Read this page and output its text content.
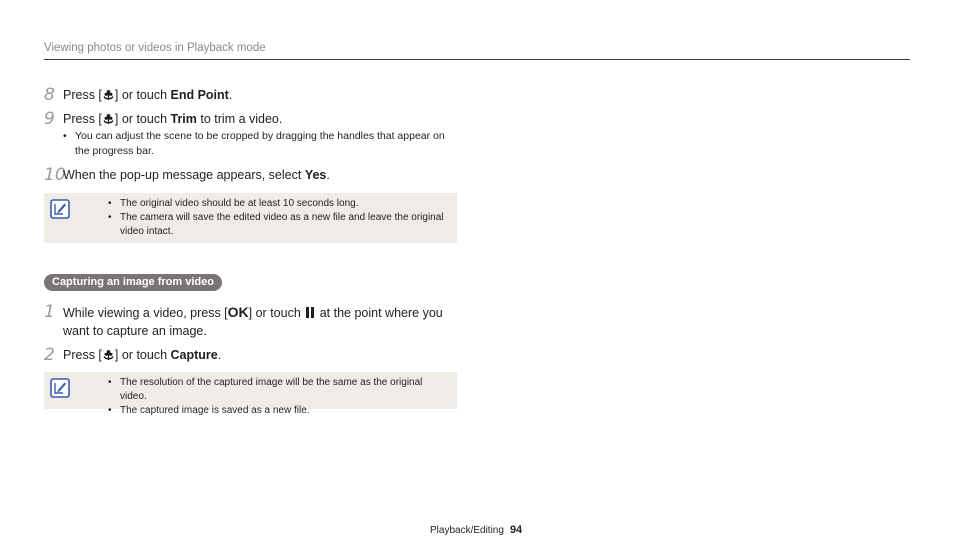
Viewing photos or videos in Playback mode
8 Press [ ] or touch End Point.
9 Press [ ] or touch Trim to trim a video.
• You can adjust the scene to be cropped by dragging the handles that appear on the progress bar.
10
When the pop-up message appears, select Yes.
• The original video should be at least 10 seconds long.
• The camera will save the edited video as a new file and leave the original video intact.
Capturing an image from video
1 While viewing a video, press [OK] or touch  at the point where you want to capture an image.
2 Press [ ] or touch Capture.
• The resolution of the captured image will be the same as the original video.
• The captured image is saved as a new file.
Playback/Editing 94
